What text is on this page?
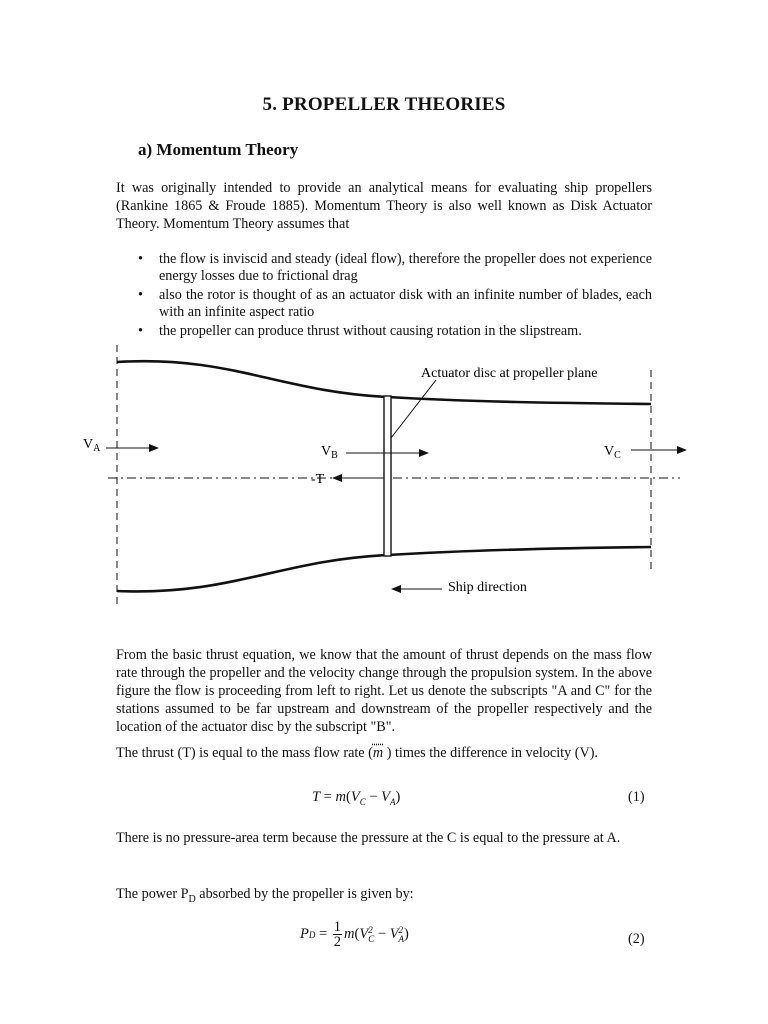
5. PROPELLER THEORIES
a) Momentum Theory
It was originally intended to provide an analytical means for evaluating ship propellers (Rankine 1865 & Froude 1885). Momentum Theory is also well known as Disk Actuator Theory. Momentum Theory assumes that
• the flow is inviscid and steady (ideal flow), therefore the propeller does not experience energy losses due to frictional drag
• also the rotor is thought of as an actuator disk with an infinite number of blades, each with an infinite aspect ratio
• the propeller can produce thrust without causing rotation in the slipstream.
Actuator disc at propeller plane
$V_A$	$V_B$	$V_C$
-T
Ship direction
From the basic thrust equation, we know that the amount of thrust depends on the mass flow rate through the propeller and the velocity change through the propulsion system. In the above figure the flow is proceeding from left to right. Let us denote the subscripts "A and C" for the stations assumed to be far upstream and downstream of the propeller respectively and the location of the actuator disc by the subscript "B".
The thrust (T) is equal to the mass flow rate (m ) times the difference in velocity (V).
$T = m(V_C - V_A)$	(1)
There is no pressure-area term because the pressure at the C is equal to the pressure at A.
The power $P_D$ absorbed by the propeller is given by:
P $D = \frac{1}{2}$ m ( V 2
C − V 2
A )	(2)
